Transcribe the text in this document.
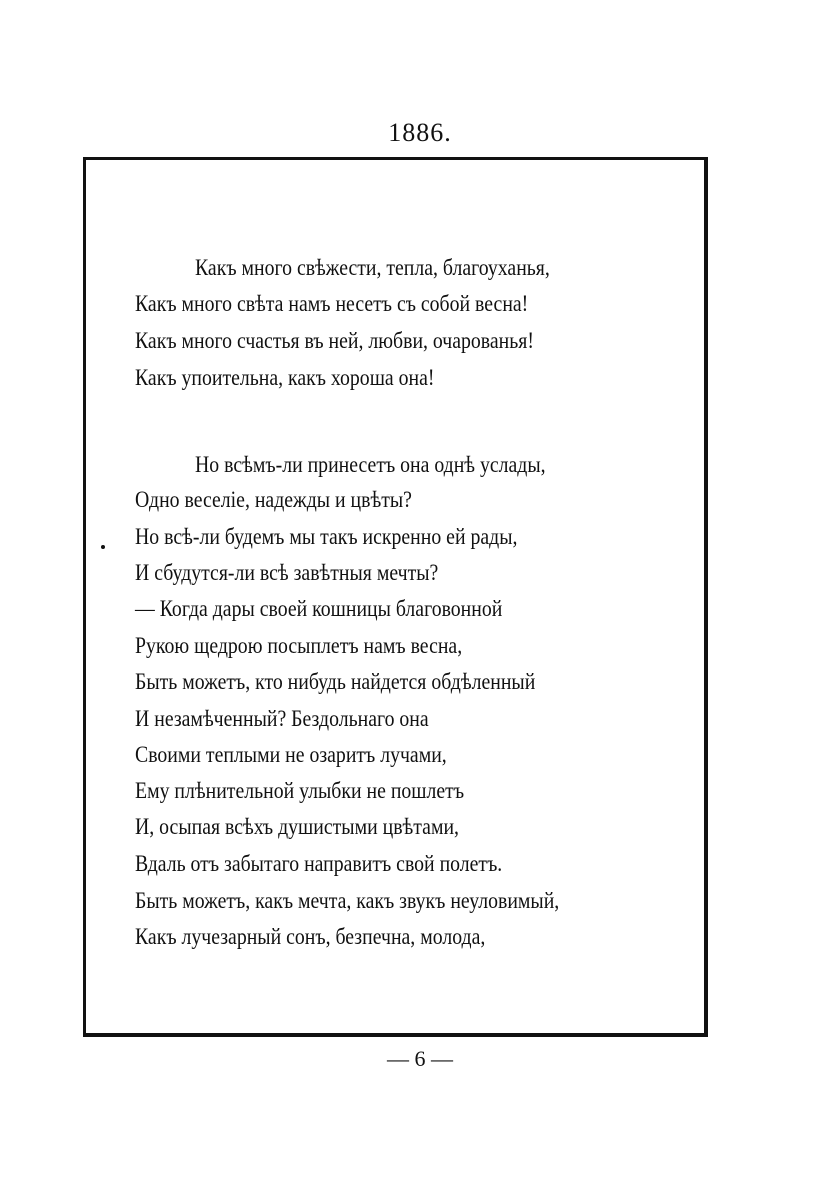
1886.
Какъ много свѣжести, тепла, благоуханья,
Какъ много свѣта намъ несетъ съ собой весна!
Какъ много счастья въ ней, любви, очарованья!
Какъ упоительна, какъ хороша она!
Но всѣмъ-ли принесетъ она однѣ услады,
Одно веселіе, надежды и цвѣты?
Но всѣ-ли будемъ мы такъ искренно ей рады,
И сбудутся-ли всѣ завѣтныя мечты?
— Когда дары своей кошницы благовонной
Рукою щедрою посыплетъ намъ весна,
Быть можетъ, кто нибудь найдется обдѣленный
И незамѣченный? Бездольнаго она
Своими теплыми не озаритъ лучами,
Ему плѣнительной улыбки не пошлетъ
И, осыпая всѣхъ душистыми цвѣтами,
Вдаль отъ забытаго направитъ свой полетъ.
Быть можетъ, какъ мечта, какъ звукъ неуловимый,
Какъ лучезарный сонъ, безпечна, молода,
— 6 —
